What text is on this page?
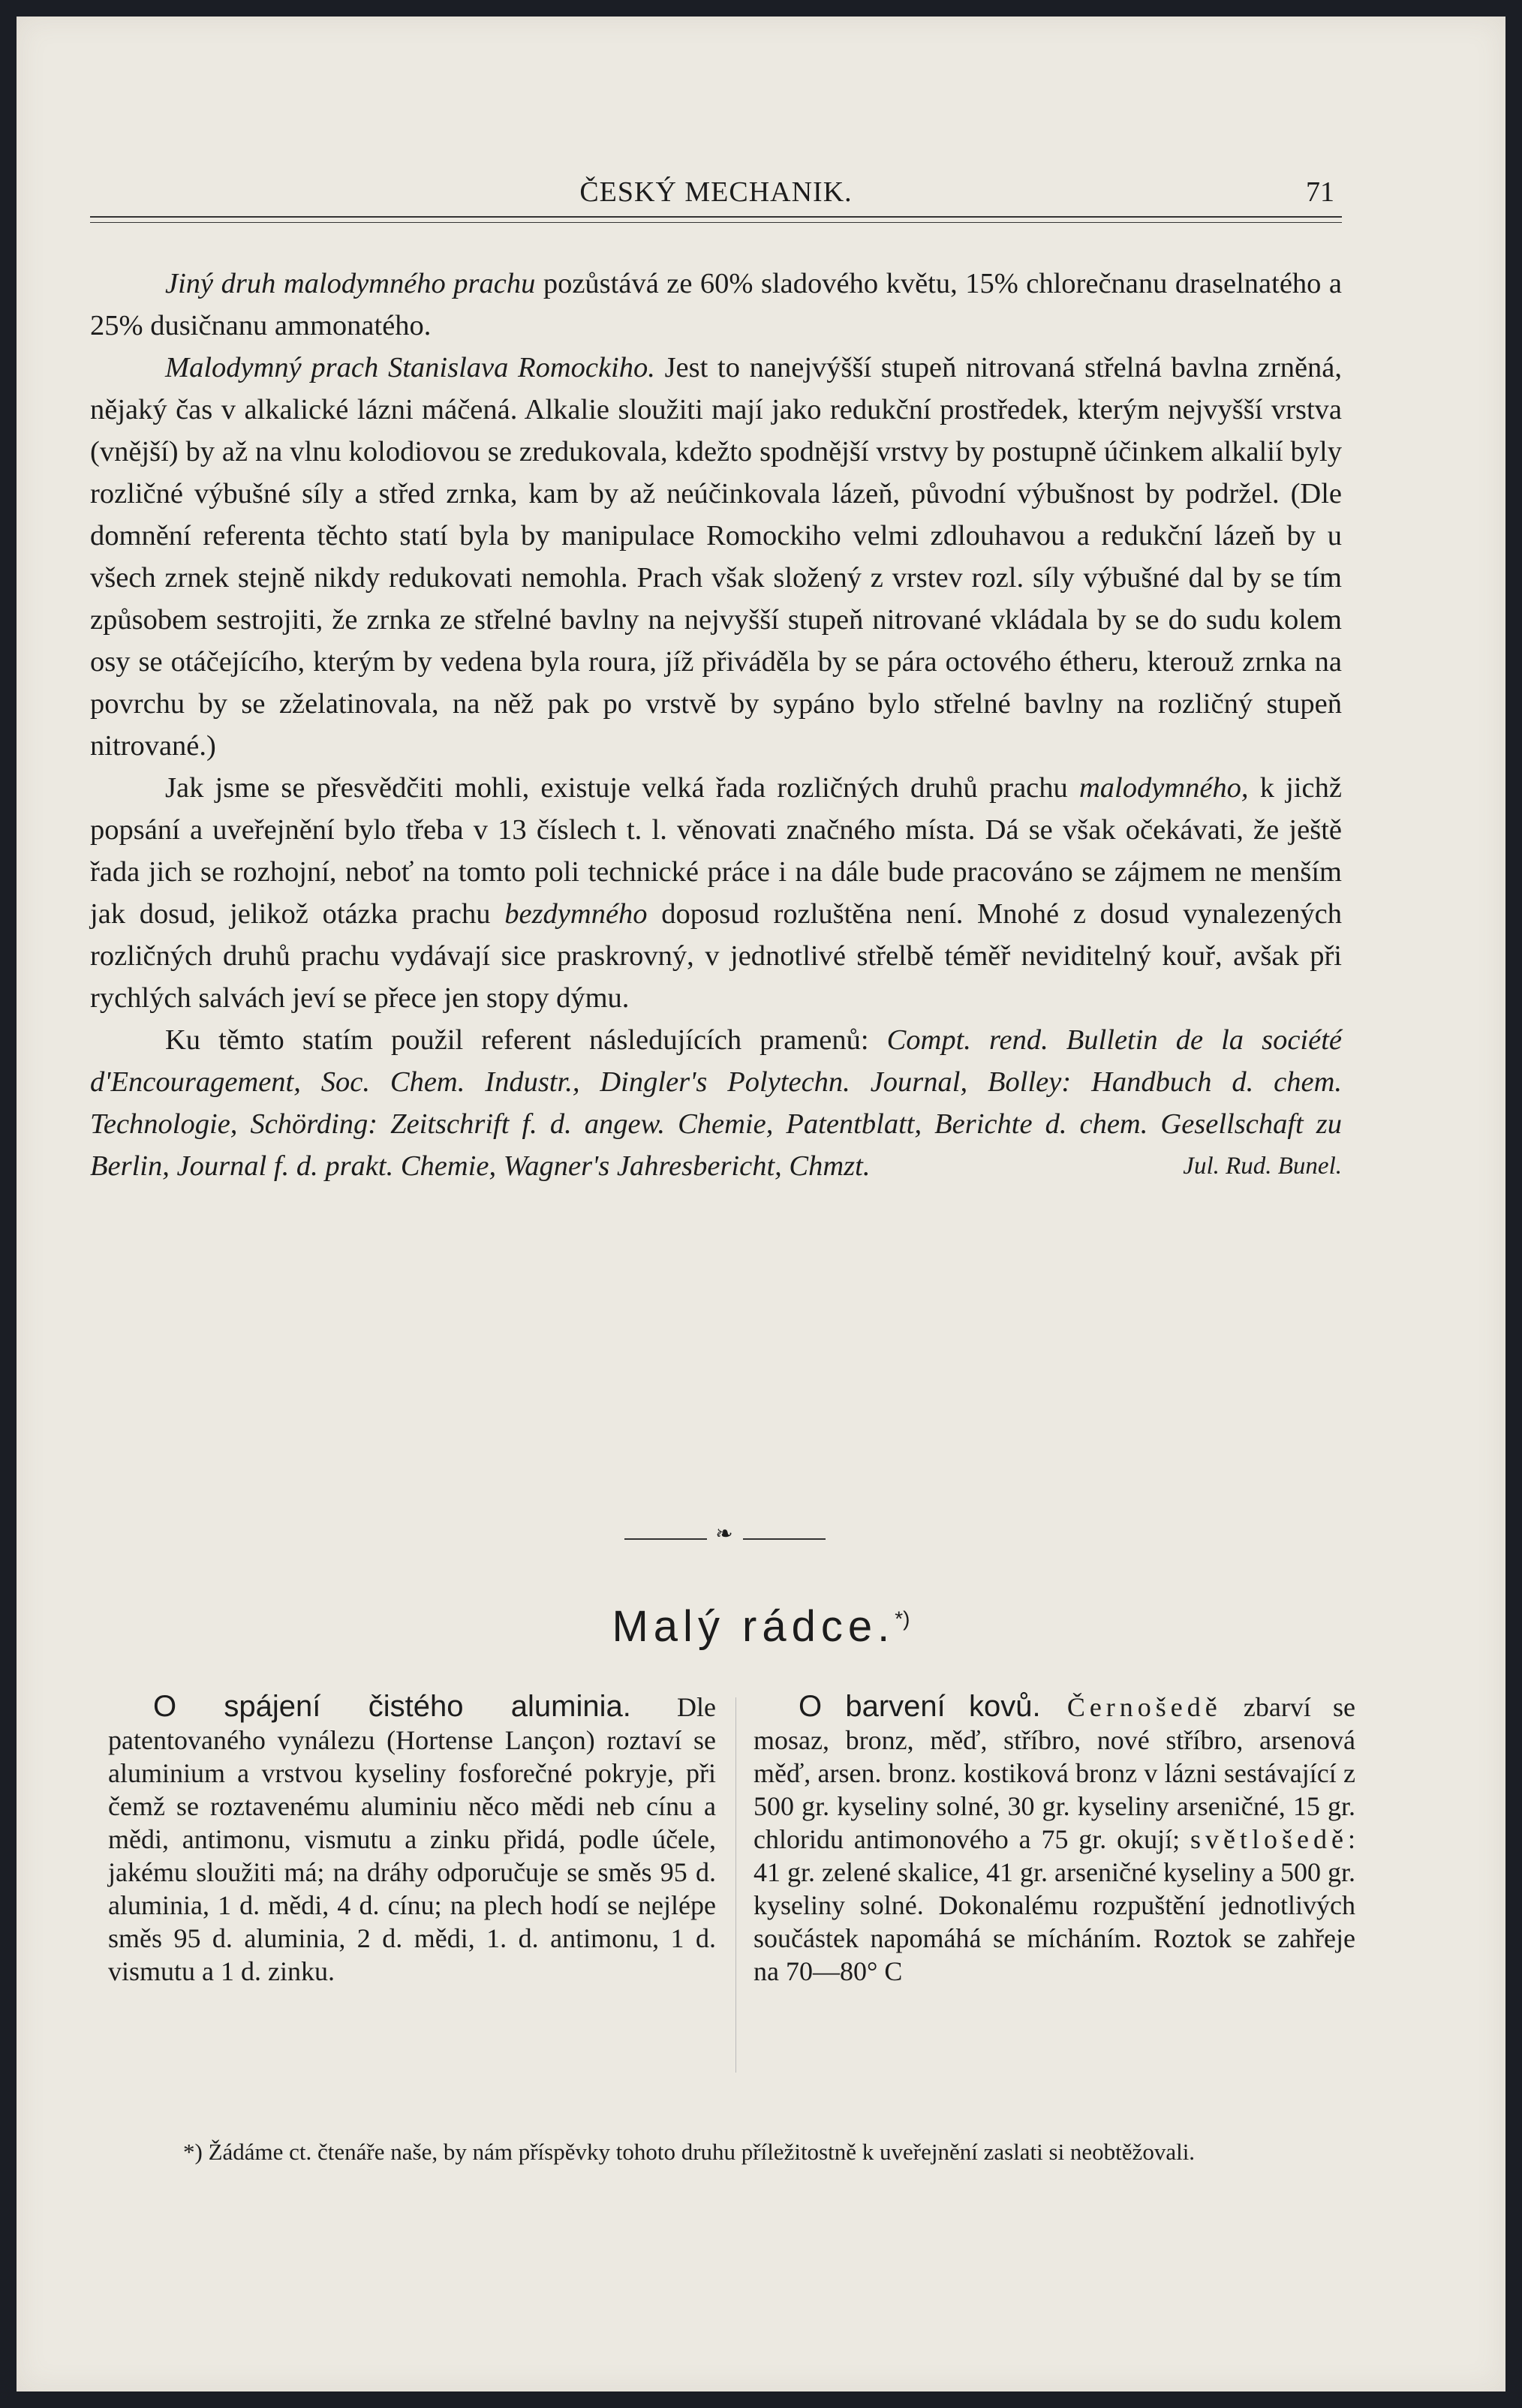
ČESKÝ MECHANIK.	71

Jiný druh malodymného prachu pozůstává ze 60% sladového květu, 15% chlorečnanu draselnatého a 25% dusičnanu ammonatého.

Malodymný prach Stanislava Romockiho. Jest to nanejvýšší stupeň nitrovaná střelná bavlna zrněná, nějaký čas v alkalické lázni máčená. Alkalie sloužiti mají jako redukční prostředek, kterým nejvyšší vrstva (vnější) by až na vlnu kolodiovou se zredukovala, kdežto spodnější vrstvy by postupně účinkem alkalií byly rozličné výbušné síly a střed zrnka, kam by až neúčinkovala lázeň, původní výbušnost by podržel. (Dle domnění referenta těchto statí byla by manipulace Romockiho velmi zdlouhavou a redukční lázeň by u všech zrnek stejně nikdy redukovati nemohla. Prach však složený z vrstev rozl. síly výbušné dal by se tím způsobem sestrojiti, že zrnka ze střelné bavlny na nejvyšší stupeň nitrované vkládala by se do sudu kolem osy se otáčejícího, kterým by vedena byla roura, jíž přiváděla by se pára octového étheru, kterouž zrnka na povrchu by se zželatinovala, na něž pak po vrstvě by sypáno bylo střelné bavlny na rozličný stupeň nitrované.)

Jak jsme se přesvědčiti mohli, existuje velká řada rozličných druhů prachu malodymného, k jichž popsání a uveřejnění bylo třeba v 13 číslech t. l. věnovati značného místa. Dá se však očekávati, že ještě řada jich se rozhojní, neboť na tomto poli technické práce i na dále bude pracováno se zájmem ne menším jak dosud, jelikož otázka prachu bezdymného doposud rozluštěna není. Mnohé z dosud vynalezených rozličných druhů prachu vydávají sice praskrovný, v jednotlivé střelbě téměř neviditelný kouř, avšak při rychlých salvách jeví se přece jen stopy dýmu.

Ku těmto statím použil referent následujících pramenů: Compt. rend. Bulletin de la société d'Encouragement, Soc. Chem. Industr., Dingler's Polytechn. Journal, Bolley: Handbuch d. chem. Technologie, Schörding: Zeitschrift f. d. angew. Chemie, Patentblatt, Berichte d. chem. Gesellschaft zu Berlin, Journal f. d. prakt. Chemie, Wagner's Jahresbericht, Chmzt.	Jul. Rud. Bunel.
❧
Malý rádce.*)

O spájení čistého aluminia. Dle patentovaného vynálezu (Hortense Lançon) roztaví se aluminium a vrstvou kyseliny fosforečné pokryje, při čemž se roztavenému aluminiu něco mědi neb cínu a mědi, antimonu, vismutu a zinku přidá, podle účele, jakému sloužiti má; na dráhy odporučuje se směs 95 d. aluminia, 1 d. mědi, 4 d. cínu; na plech hodí se nejlépe směs 95 d. aluminia, 2 d. mědi, 1. d. antimonu, 1 d. vismutu a 1 d. zinku.

O barvení kovů. Černošedě zbarví se mosaz, bronz, měď, stříbro, nové stříbro, arsenová měď, arsen. bronz. kostiková bronz v lázni sestávající z 500 gr. kyseliny solné, 30 gr. kyseliny arseničné, 15 gr. chloridu antimonového a 75 gr. okují; světlošedě: 41 gr. zelené skalice, 41 gr. arseničné kyseliny a 500 gr. kyseliny solné. Dokonalému rozpuštění jednotlivých součástek napomáhá se mícháním. Roztok se zahřeje na 70—80° C

*) Žádáme ct. čtenáře naše, by nám příspěvky tohoto druhu příležitostně k uveřejnění zaslati si neobtěžovali.
